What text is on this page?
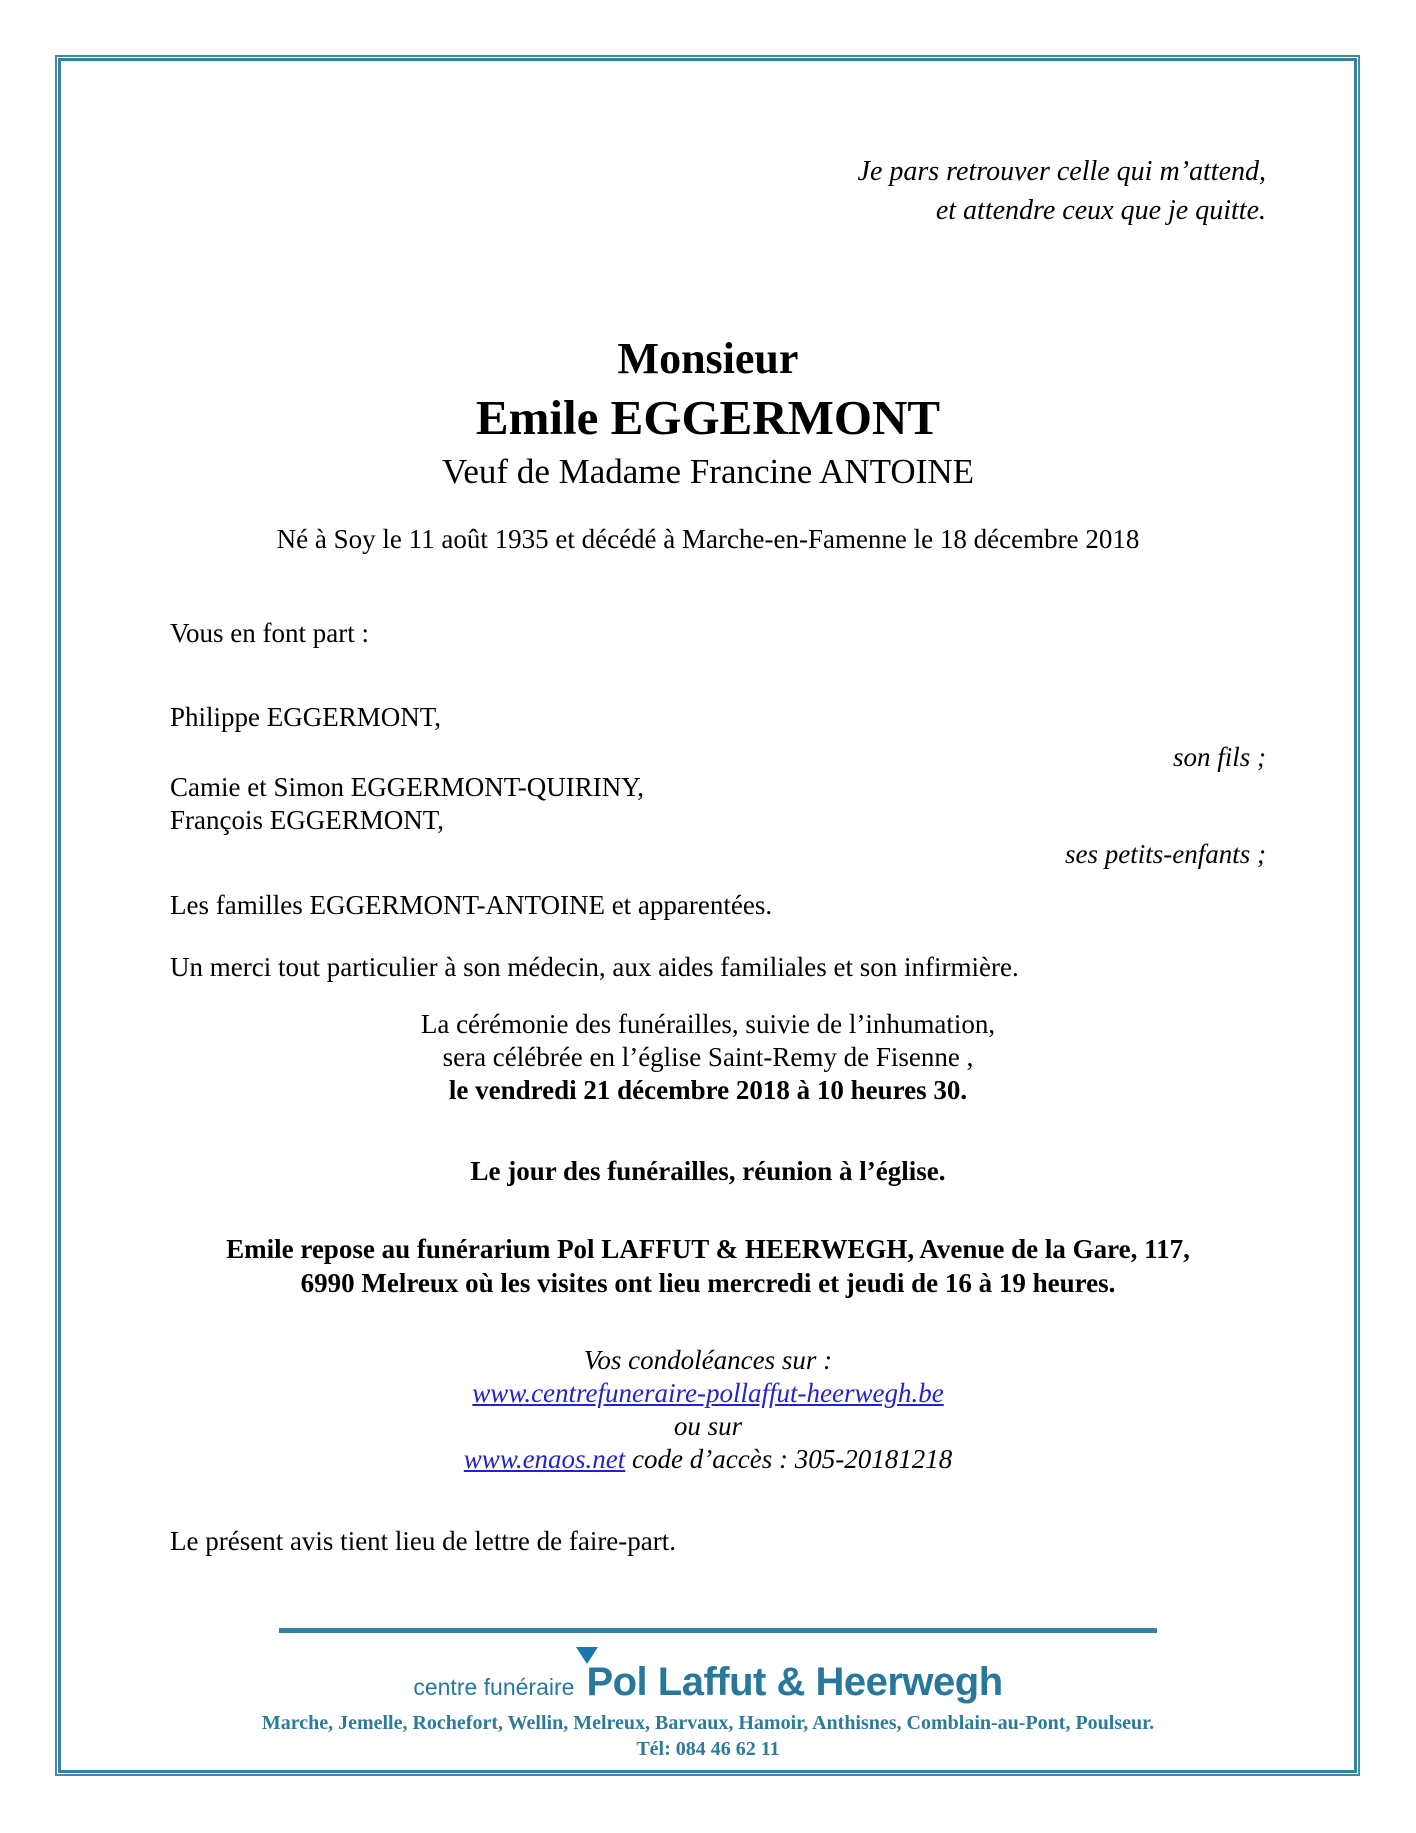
Je pars retrouver celle qui m’attend,
et attendre ceux que je quitte.
Monsieur
Emile EGGERMONT
Veuf de Madame Francine ANTOINE
Né à Soy le 11 août 1935 et décédé à Marche-en-Famenne le 18 décembre 2018
Vous en font part :
Philippe EGGERMONT,
son fils ;
Camie et Simon EGGERMONT-QUIRINY,
François EGGERMONT,
ses petits-enfants ;
Les familles EGGERMONT-ANTOINE et apparentées.
Un merci tout particulier à son médecin, aux aides familiales et son infirmière.
La cérémonie des funérailles, suivie de l’inhumation,
sera célébrée en l’église Saint-Remy de Fisenne ,
le vendredi 21 décembre 2018 à 10 heures 30.
Le jour des funérailles, réunion à l’église.
Emile repose au funérarium Pol LAFFUT & HEERWEGH, Avenue de la Gare, 117,
6990 Melreux où les visites ont lieu mercredi et jeudi de 16 à 19 heures.
Vos condoléances sur :
www.centrefuneraire-pollaffut-heerwegh.be
ou sur
www.enaos.net code d’accès : 305-20181218
Le présent avis tient lieu de lettre de faire-part.
centre funéraire Pol Laffut & Heerwegh
Marche, Jemelle, Rochefort, Wellin, Melreux, Barvaux, Hamoir, Anthisnes, Comblain-au-Pont, Poulseur.
Tél: 084 46 62 11
